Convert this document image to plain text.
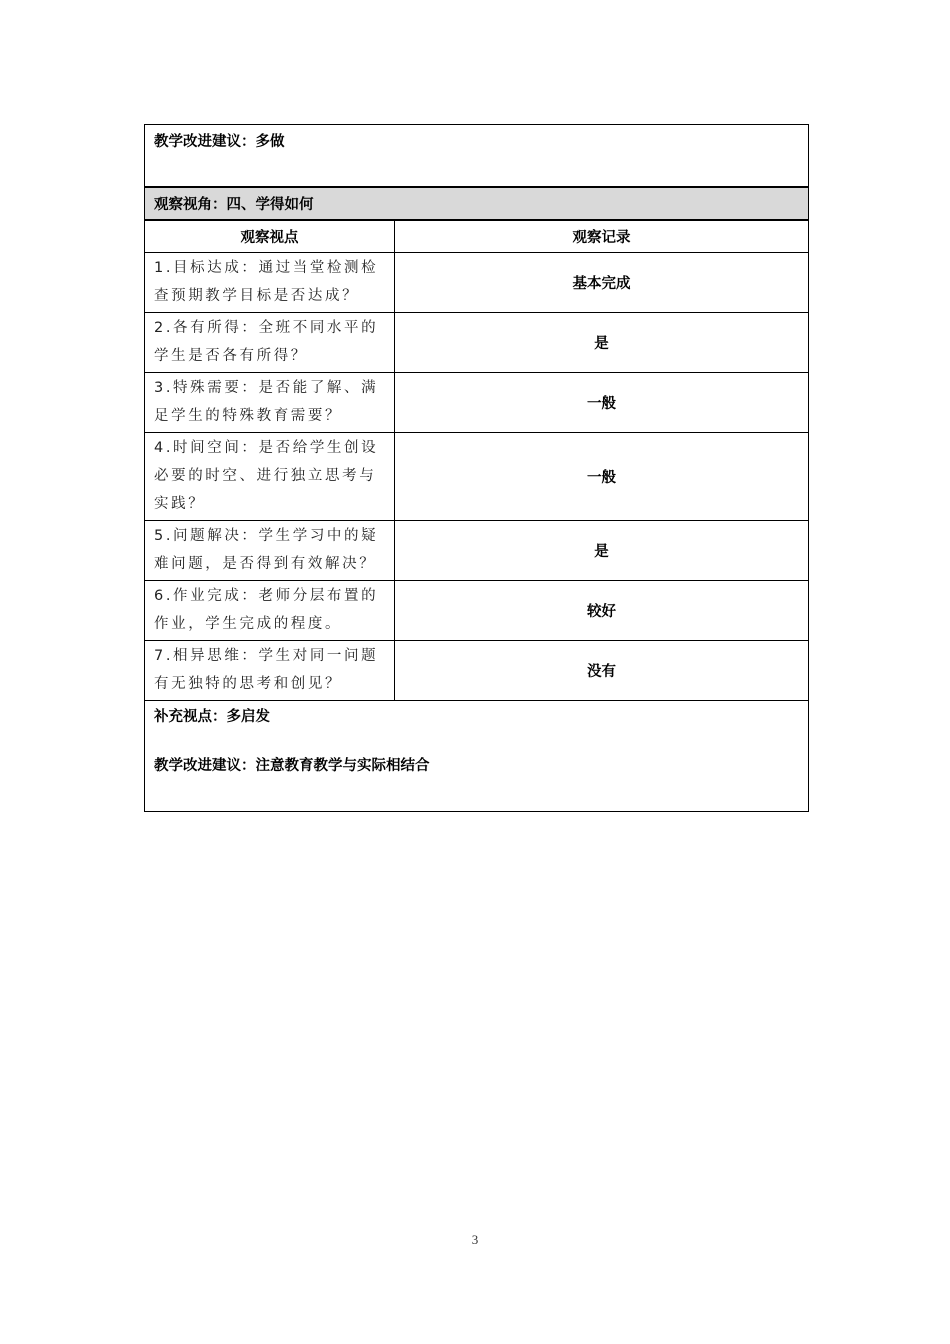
教学改进建议：多做	
观察视角：四、学得如何	
观察视点	观察记录
1.目标达成：通过当堂检测检查预期教学目标是否达成？	基本完成
2.各有所得：全班不同水平的学生是否各有所得？	是
3.特殊需要：是否能了解、满足学生的特殊教育需要？	一般
4.时间空间：是否给学生创设必要的时空、进行独立思考与实践？	一般
5.问题解决：学生学习中的疑难问题，是否得到有效解决？	是
6.作业完成：老师分层布置的作业，学生完成的程度。	较好
7.相异思维：学生对同一问题有无独特的思考和创见？	没有

补充视点：多启发
教学改进建议：注意教育教学与实际相结合	
3
